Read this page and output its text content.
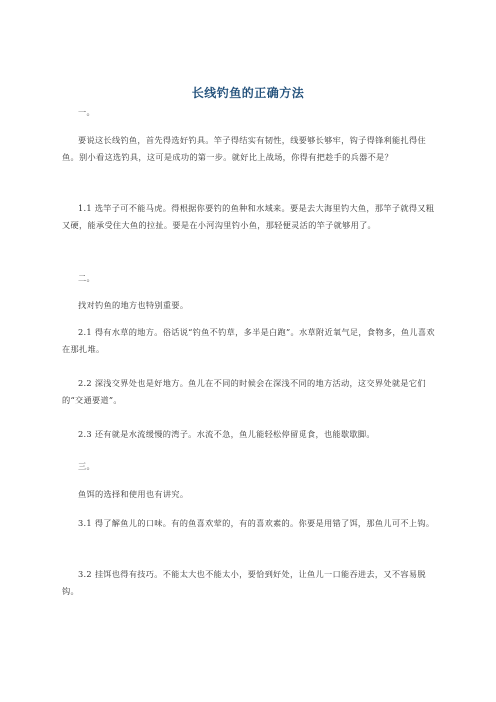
长线钓鱼的正确方法
一。
要说这长线钓鱼，首先得选好钓具。竿子得结实有韧性，线要够长够牢，钩子得锋利能扎得住鱼。别小看这选钓具，这可是成功的第一步。就好比上战场，你得有把趁手的兵器不是？
1.1 选竿子可不能马虎。得根据你要钓的鱼种和水域来。要是去大海里钓大鱼，那竿子就得又粗又硬，能承受住大鱼的拉扯。要是在小河沟里钓小鱼，那轻便灵活的竿子就够用了。
二。
找对钓鱼的地方也特别重要。
2.1 得有水草的地方。俗话说“钓鱼不钓草，多半是白跑”。水草附近氧气足，食物多，鱼儿喜欢在那扎堆。
2.2 深浅交界处也是好地方。鱼儿在不同的时候会在深浅不同的地方活动，这交界处就是它们的“交通要道”。
2.3 还有就是水流缓慢的湾子。水流不急，鱼儿能轻松停留觅食，也能歇歇脚。
三。
鱼饵的选择和使用也有讲究。
3.1 得了解鱼儿的口味。有的鱼喜欢荤的，有的喜欢素的。你要是用错了饵，那鱼儿可不上钩。
3.2 挂饵也得有技巧。不能太大也不能太小，要恰到好处，让鱼儿一口能吞进去，又不容易脱钩。
